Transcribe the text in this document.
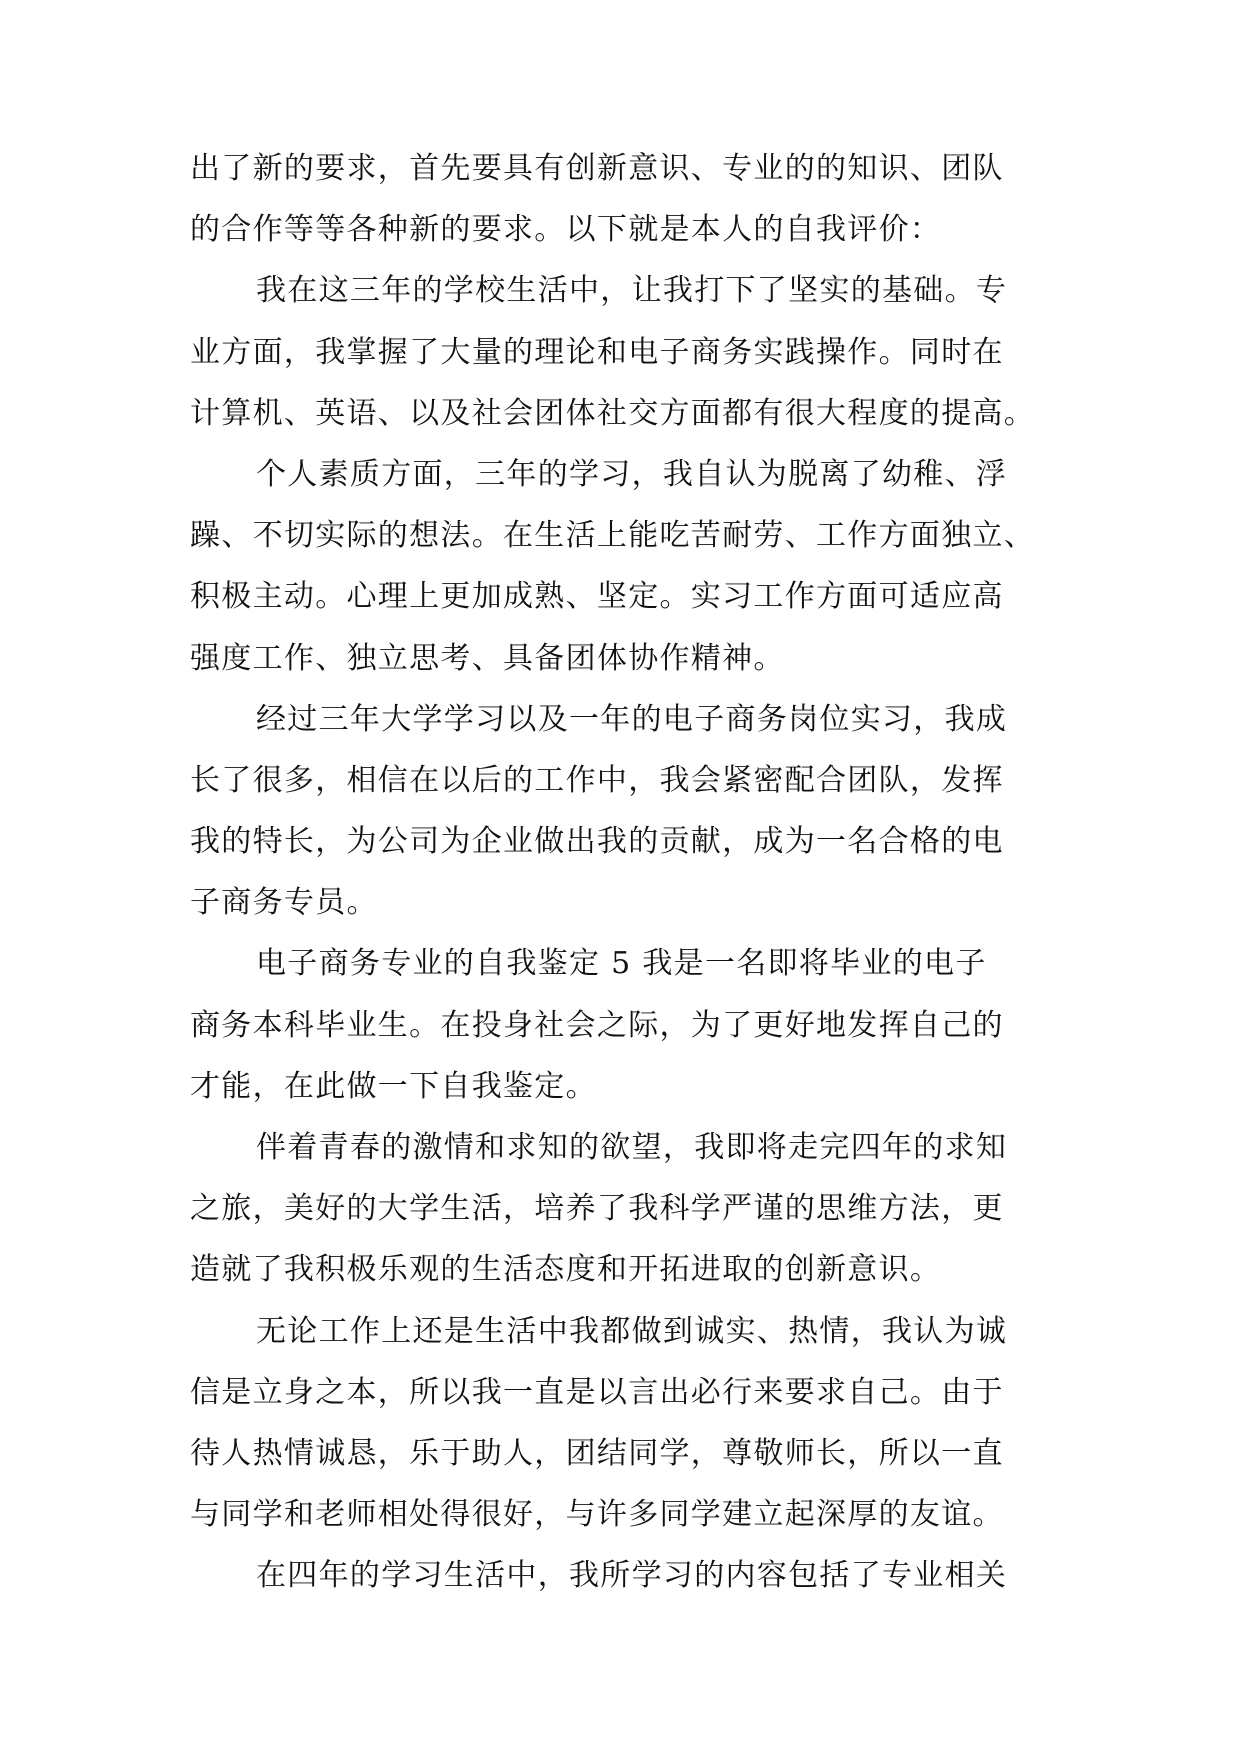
出了新的要求，首先要具有创新意识、专业的的知识、团队
的合作等等各种新的要求。以下就是本人的自我评价：
我在这三年的学校生活中，让我打下了坚实的基础。专
业方面，我掌握了大量的理论和电子商务实践操作。同时在
计算机、英语、以及社会团体社交方面都有很大程度的提高。
个人素质方面，三年的学习，我自认为脱离了幼稚、浮
躁、不切实际的想法。在生活上能吃苦耐劳、工作方面独立、
积极主动。心理上更加成熟、坚定。实习工作方面可适应高
强度工作、独立思考、具备团体协作精神。
经过三年大学学习以及一年的电子商务岗位实习，我成
长了很多，相信在以后的工作中，我会紧密配合团队，发挥
我的特长，为公司为企业做出我的贡献，成为一名合格的电
子商务专员。
电子商务专业的自我鉴定 5 我是一名即将毕业的电子
商务本科毕业生。在投身社会之际，为了更好地发挥自己的
才能，在此做一下自我鉴定。
伴着青春的激情和求知的欲望，我即将走完四年的求知
之旅，美好的大学生活，培养了我科学严谨的思维方法，更
造就了我积极乐观的生活态度和开拓进取的创新意识。
无论工作上还是生活中我都做到诚实、热情，我认为诚
信是立身之本，所以我一直是以言出必行来要求自己。由于
待人热情诚恳，乐于助人，团结同学，尊敬师长，所以一直
与同学和老师相处得很好，与许多同学建立起深厚的友谊。
在四年的学习生活中，我所学习的内容包括了专业相关
